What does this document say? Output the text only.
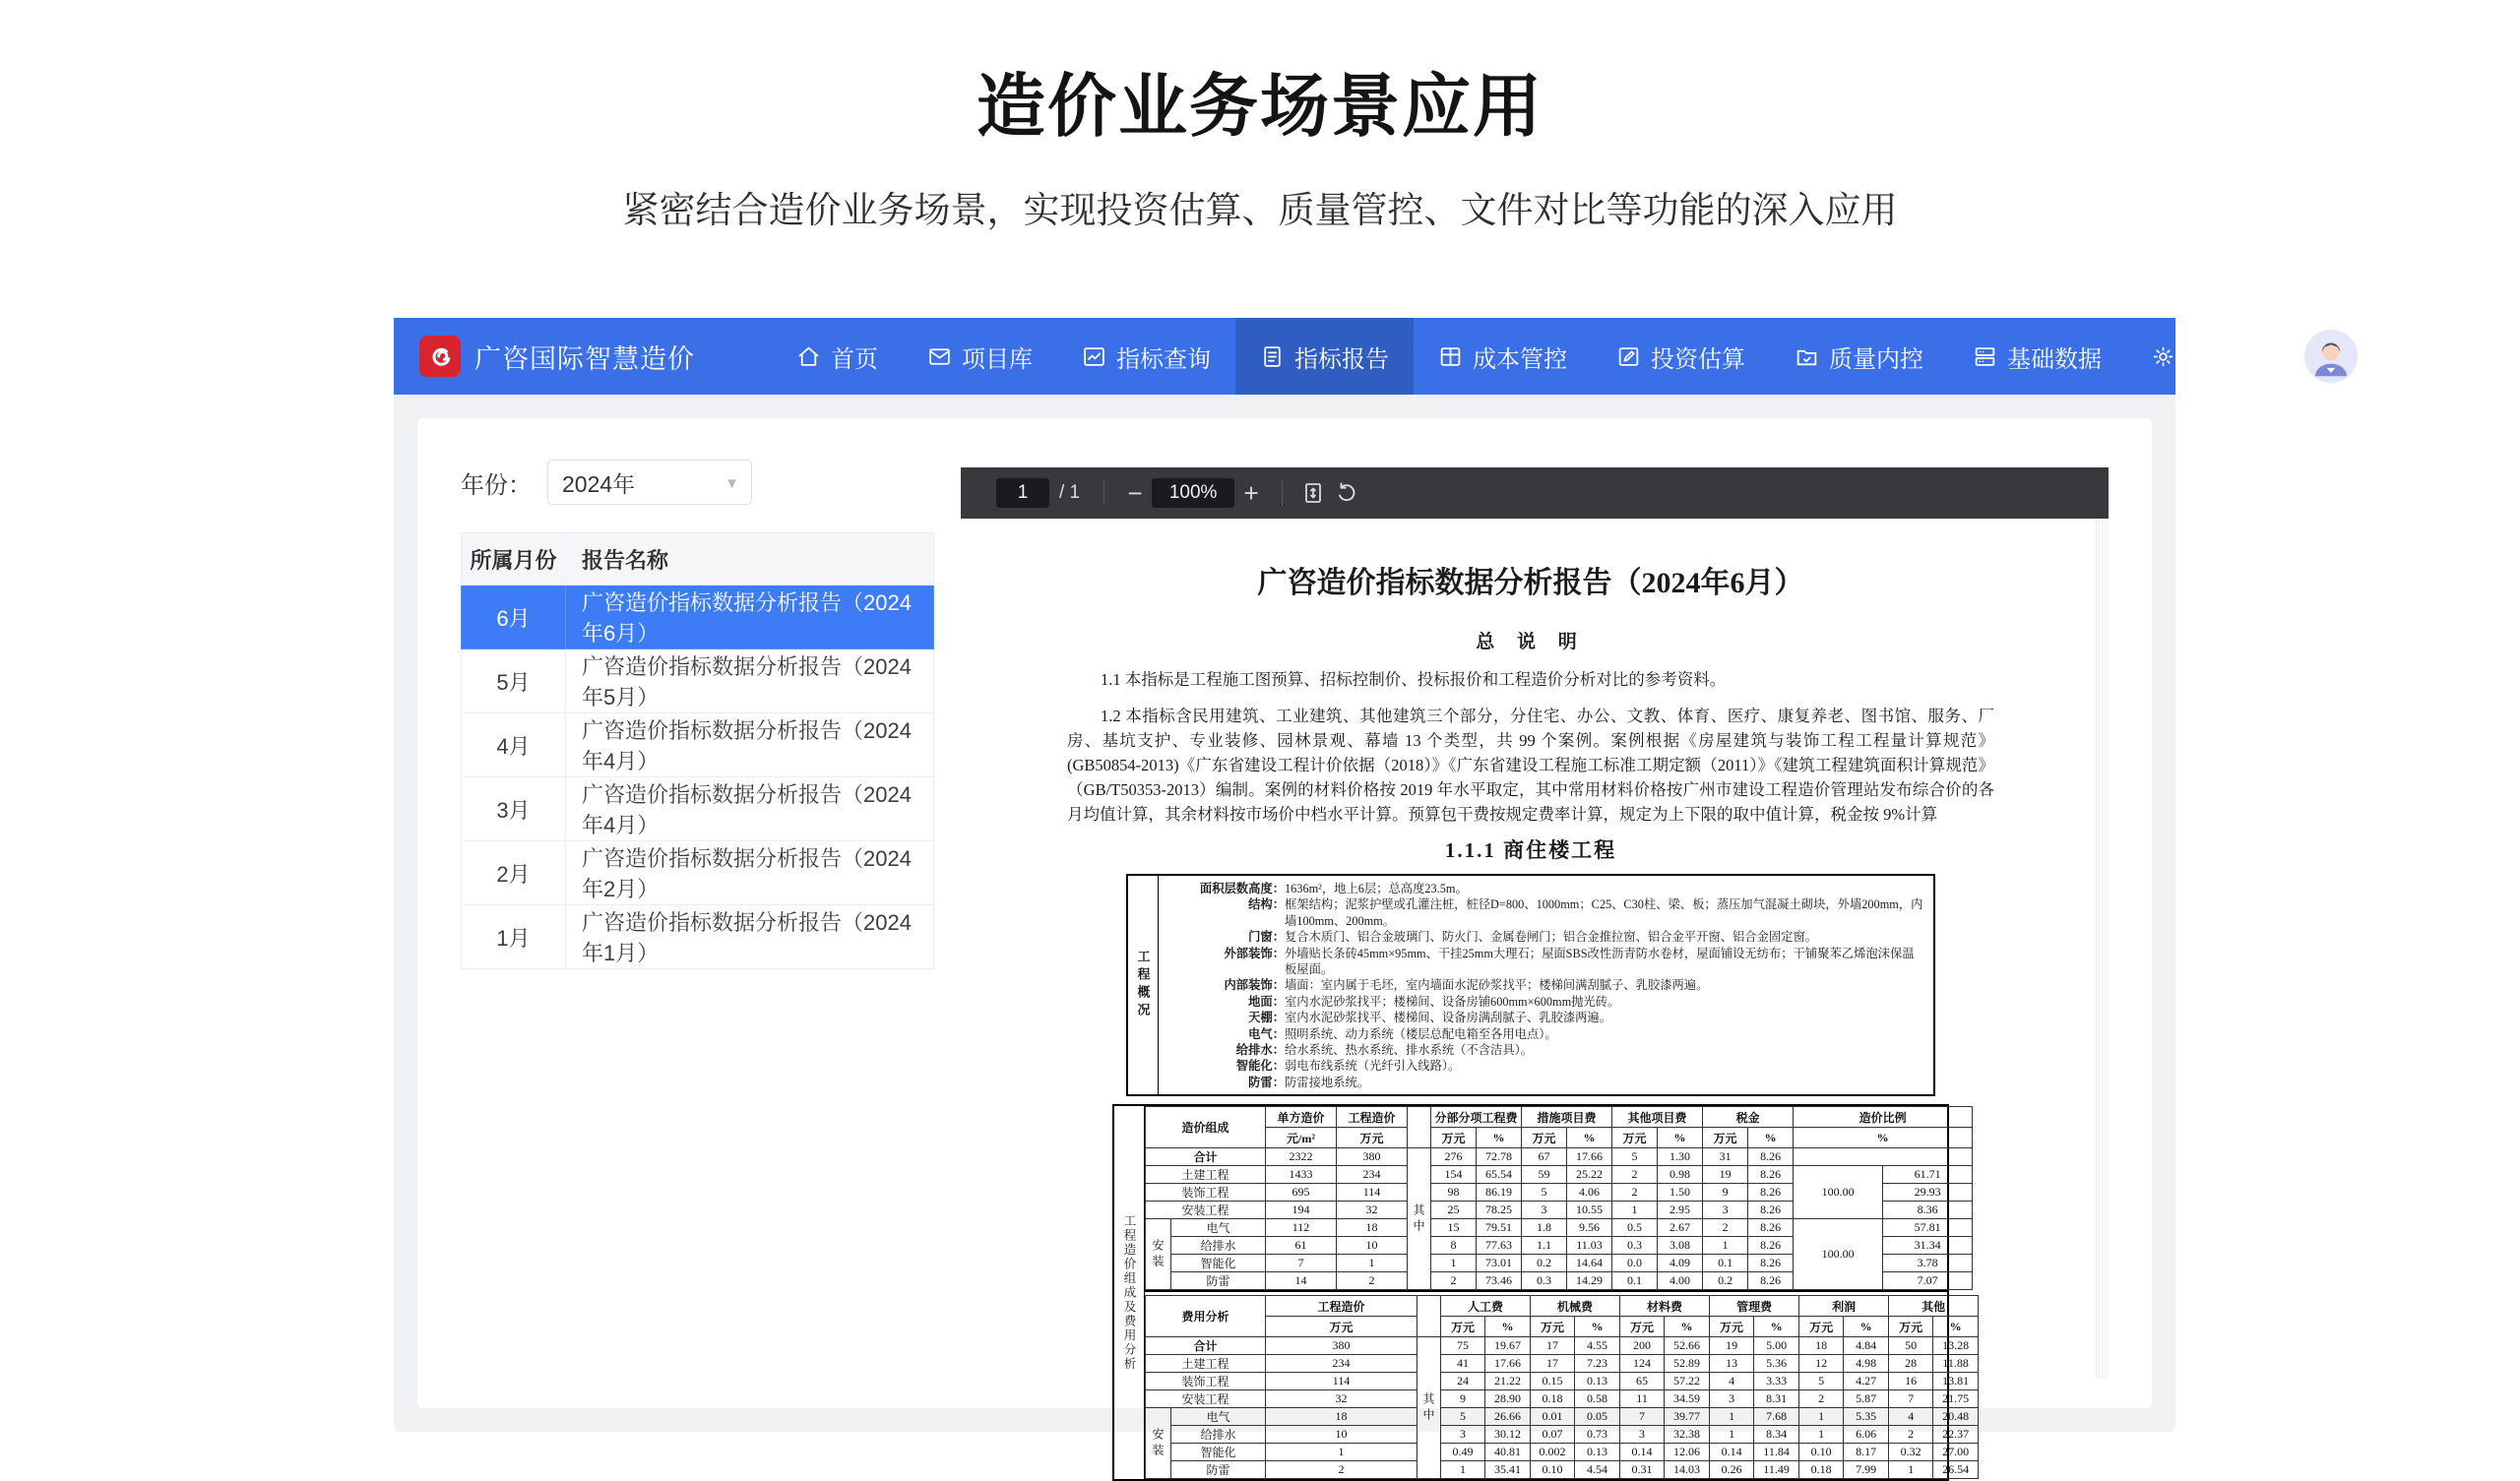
造价业务场景应用
紧密结合造价业务场景，实现投资估算、质量管控、文件对比等功能的深入应用
广咨国际智慧造价	首页	项目库	指标查询	指标报告	成本管控	投资估算	质量内控	基础数据	系统管理
年份： 2024年	▼
所属月份	报告名称
6月	广咨造价指标数据分析报告（2024年6月）
5月	广咨造价指标数据分析报告（2024年5月）
4月	广咨造价指标数据分析报告（2024年4月）
3月	广咨造价指标数据分析报告（2024年4月）
2月	广咨造价指标数据分析报告（2024年2月）
1月	广咨造价指标数据分析报告（2024年1月）
1	/ 1	−	100%	+
广咨造价指标数据分析报告（2024年6月）
总 说 明
1.1 本指标是工程施工图预算、招标控制价、投标报价和工程造价分析对比的参考资料。
1.2 本指标含民用建筑、工业建筑、其他建筑三个部分，分住宅、办公、文教、体育、医疗、康复养老、图书馆、服务、厂房、基坑支护、专业装修、园林景观、幕墙 13 个类型，共 99 个案例。案例根据《房屋建筑与装饰工程工程量计算规范》(GB50854-2013)《广东省建设工程计价依据（2018）》《广东省建设工程施工标准工期定额（2011）》《建筑工程建筑面积计算规范》（GB/T50353-2013）编制。案例的材料价格按 2019 年水平取定，其中常用材料价格按广州市建设工程造价管理站发布综合价的各月均值计算，其余材料按市场价中档水平计算。预算包干费按规定费率计算，规定为上下限的取中值计算，税金按 9%计算
1.1.1 商住楼工程
工程概况
面积层数高度： 1636m²，地上6层；总高度23.5m。
结构： 框架结构；泥浆护壁或孔灌注桩，桩径D=800、1000mm；C25、C30柱、梁、板；蒸压加气混凝土砌块，外墙200mm，内墙100mm、200mm。
门窗： 复合木质门、铝合金玻璃门、防火门、金属卷闸门；铝合金推拉窗、铝合金平开窗、铝合金固定窗。
外部装饰： 外墙贴长条砖45mm×95mm、干挂25mm大理石；屋面SBS改性沥青防水卷材，屋面铺设无纺布；干铺聚苯乙烯泡沫保温板屋面。
内部装饰： 墙面：室内属于毛坯，室内墙面水泥砂浆找平；楼梯间满刮腻子、乳胶漆两遍。
地面： 室内水泥砂浆找平；楼梯间、设备房铺600mm×600mm抛光砖。
天棚： 室内水泥砂浆找平、楼梯间、设备房满刮腻子、乳胶漆两遍。
电气： 照明系统、动力系统（楼层总配电箱至各用电点）。
给排水： 给水系统、热水系统、排水系统（不含洁具）。
智能化： 弱电布线系统（光纤引入线路）。
防雷： 防雷接地系统。
工程造价组成及费用分析
造价组成		单方造价	工程造价		分部分项工程费		措施项目费		其他项目费		税金		造价比例	
		元/m²	万元		万元	%	万元	%	万元	%	万元	%	%	
合计		2322	380	其中	276	72.78	67	17.66	5	1.30	31	8.26		
土建工程		1433	234		154	65.54	59	25.22	2	0.98	19	8.26	100.00	61.71
装饰工程		695	114		98	86.19	5	4.06	2	1.50	9	8.26		29.93
安装工程		194	32		25	78.25	3	10.55	1	2.95	3	8.26		8.36
安装	电气	112	18		15	79.51	1.8	9.56	0.5	2.67	2	8.26	100.00	57.81
	给排水	61	10		8	77.63	1.1	11.03	0.3	3.08	1	8.26		31.34
	智能化	7	1		1	73.01	0.2	14.64	0.0	4.09	0.1	8.26		3.78
	防雷	14	2		2	73.46	0.3	14.29	0.1	4.00	0.2	8.26		7.07
费用分析		工程造价		人工费		机械费		材料费		管理费		利润		其他	
		万元		万元	%	万元	%	万元	%	万元	%	万元	%	万元	%
合计		380	其中	75	19.67	17	4.55	200	52.66	19	5.00	18	4.84	50	13.28
土建工程		234		41	17.66	17	7.23	124	52.89	13	5.36	12	4.98	28	11.88
装饰工程		114		24	21.22	0.15	0.13	65	57.22	4	3.33	5	4.27	16	13.81
安装工程		32		9	28.90	0.18	0.58	11	34.59	3	8.31	2	5.87	7	21.75
安装	电气	18		5	26.66	0.01	0.05	7	39.77	1	7.68	1	5.35	4	20.48
	给排水	10		3	30.12	0.07	0.73	3	32.38	1	8.34	1	6.06	2	22.37
	智能化	1		0.49	40.81	0.002	0.13	0.14	12.06	0.14	11.84	0.10	8.17	0.32	27.00
	防雷	2		1	35.41	0.10	4.54	0.31	14.03	0.26	11.49	0.18	7.99	1	26.54
